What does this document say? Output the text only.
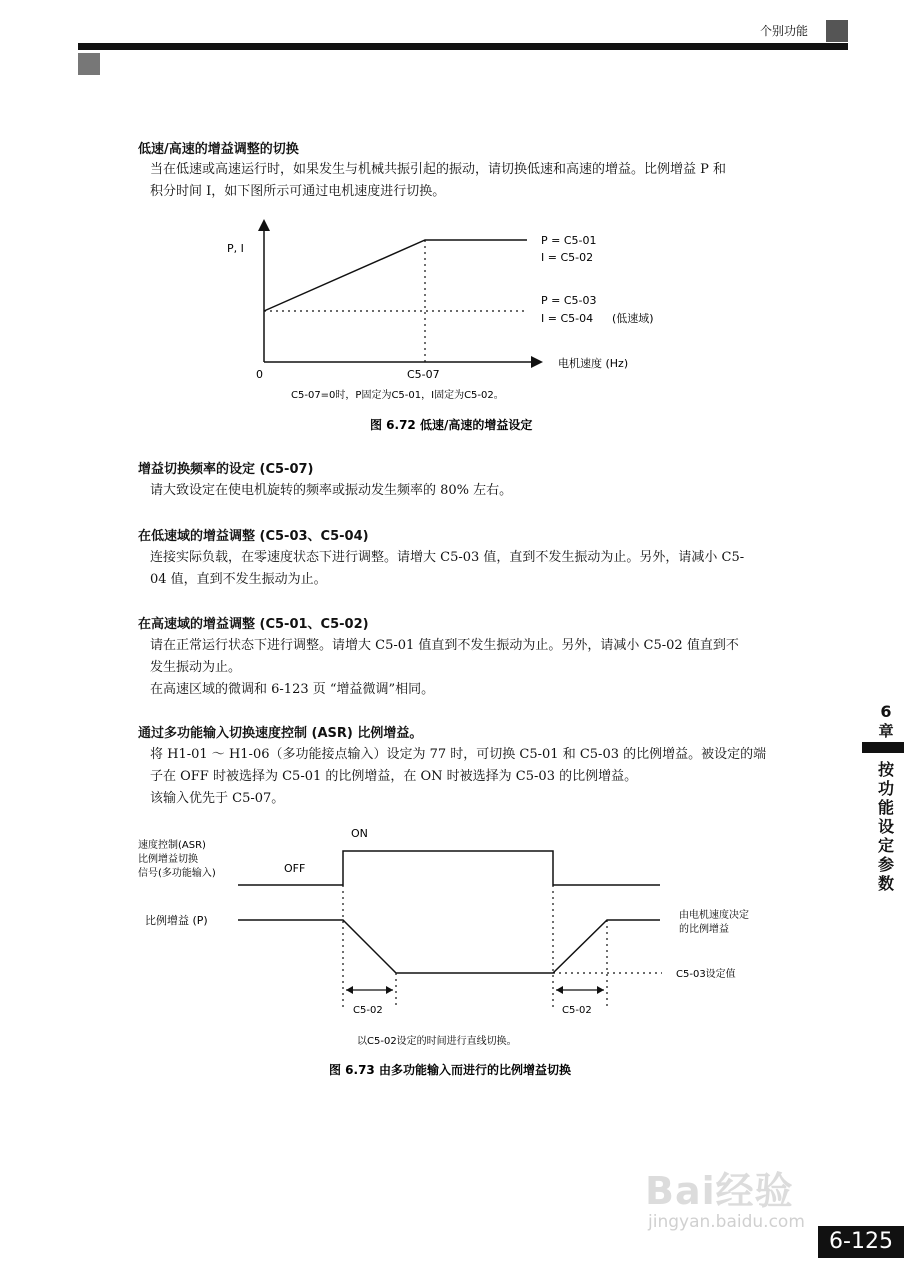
个别功能
低速/高速的增益调整的切换
当在低速或高速运行时，如果发生与机械共振引起的振动，请切换低速和高速的增益。比例增益 P 和
积分时间 I，如下图所示可通过电机速度进行切换。
P, I
0	C5-07
电机速度 (Hz)
P = C5-01
I = C5-02
P = C5-03
I = C5-04 (低速域)
C5-07=0时，P固定为C5-01，I固定为C5-02。
图 6.72 低速/高速的增益设定
速度控制(ASR)
比例增益切换
信号(多功能输入)	OFF
ON
比例增益 (P)	由电机速度决定
的比例增益
C5-03设定值
C5-02	C5-02
以C5-02设定的时间进行直线切换。
图 6.73 由多功能输入而进行的比例增益切换
增益切换频率的设定 (C5-07)
请大致设定在使电机旋转的频率或振动发生频率的 80% 左右。
在低速域的增益调整 (C5-03、C5-04)
连接实际负载，在零速度状态下进行调整。请增大 C5-03 值，直到不发生振动为止。另外，请减小 C5-
04 值，直到不发生振动为止。
在高速域的增益调整 (C5-01、C5-02)
请在正常运行状态下进行调整。请增大 C5-01 值直到不发生振动为止。另外，请减小 C5-02 值直到不
发生振动为止。
在高速区域的微调和 6-123 页 “增益微调”相同。
通过多功能输入切换速度控制 (ASR) 比例增益。
将 H1-01 ～ H1-06（多功能接点输入）设定为 77 时，可切换 C5-01 和 C5-03 的比例增益。被设定的端
子在 OFF 时被选择为 C5-01 的比例增益，在 ON 时被选择为 C5-03 的比例增益。
该输入优先于 C5-07。
6
章
按
功
能
设
定
参
数
Bai经验
jingyan.baidu.com
6-125
